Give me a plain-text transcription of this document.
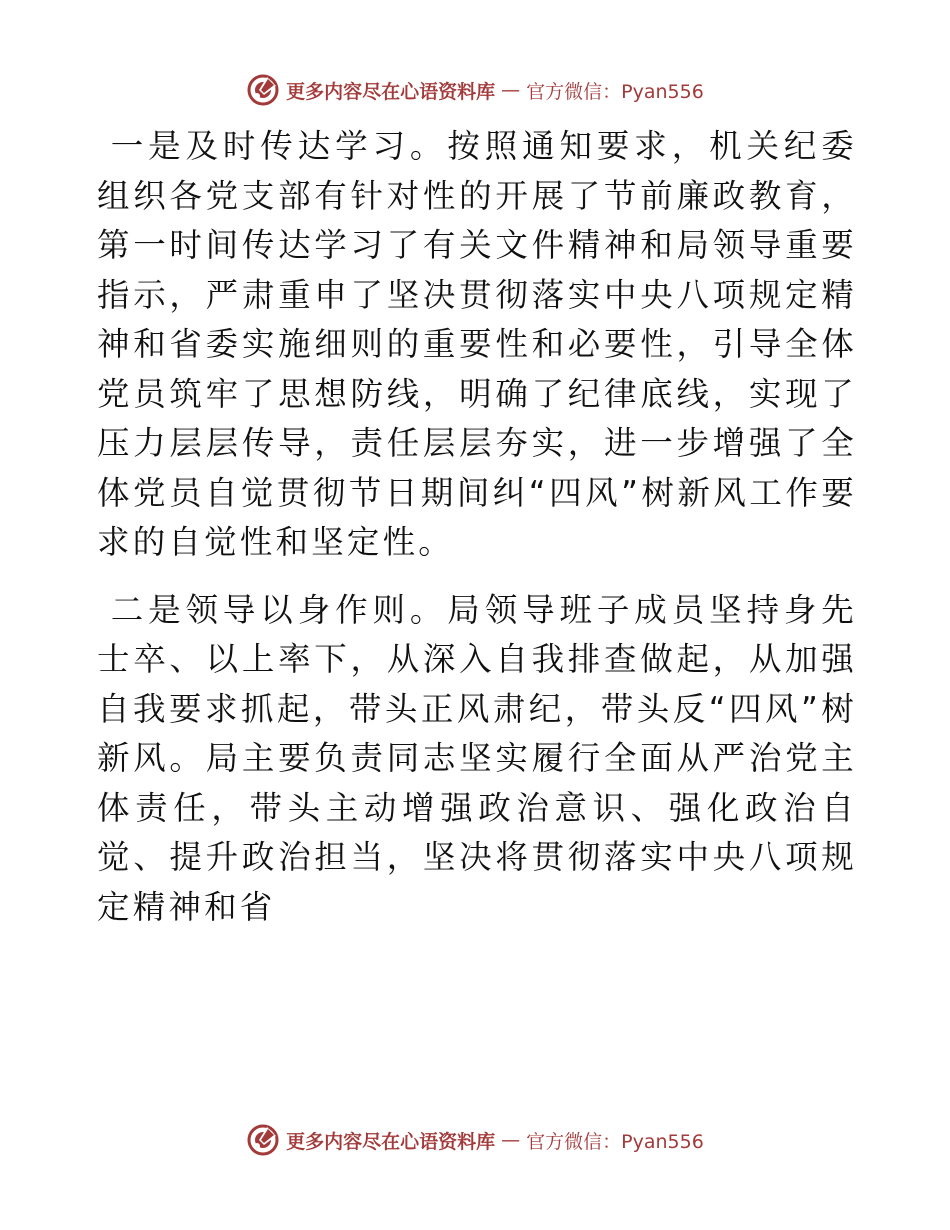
更多内容尽在心语资料库 — 官方微信：Pyan556

一是及时传达学习。按照通知要求，机关纪委组织各党支部有针对性的开展了节前廉政教育，第一时间传达学习了有关文件精神和局领导重要指示，严肃重申了坚决贯彻落实中央八项规定精神和省委实施细则的重要性和必要性，引导全体党员筑牢了思想防线，明确了纪律底线，实现了压力层层传导，责任层层夯实，进一步增强了全体党员自觉贯彻节日期间纠“四风”树新风工作要求的自觉性和坚定性。

二是领导以身作则。局领导班子成员坚持身先士卒、以上率下，从深入自我排查做起，从加强自我要求抓起，带头正风肃纪，带头反“四风”树新风。局主要负责同志坚实履行全面从严治党主体责任，带头主动增强政治意识、强化政治自觉、提升政治担当，坚决将贯彻落实中央八项规定精神和省

更多内容尽在心语资料库 — 官方微信：Pyan556
